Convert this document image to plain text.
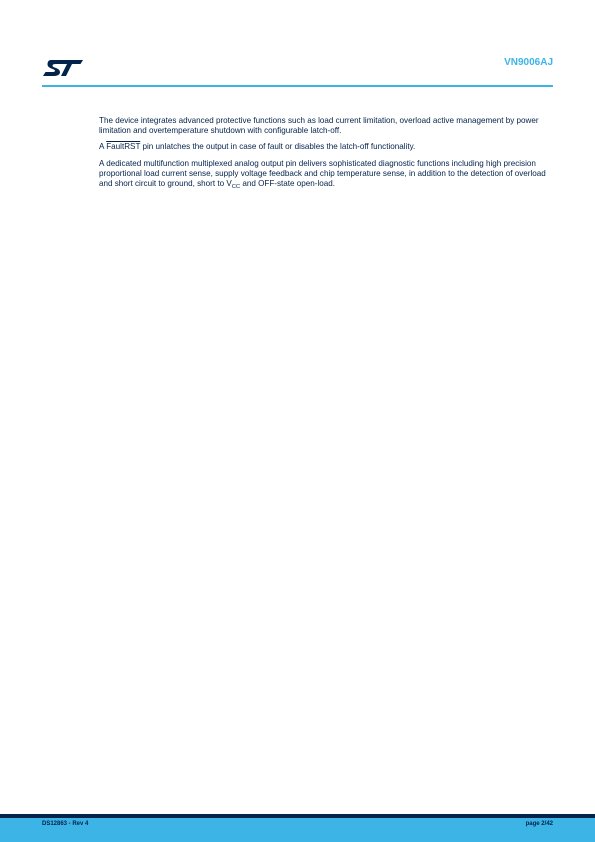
VN9006AJ

The device integrates advanced protective functions such as load current limitation, overload active management by power limitation and overtemperature shutdown with configurable latch-off.

A FaultRST pin unlatches the output in case of fault or disables the latch-off functionality.

A dedicated multifunction multiplexed analog output pin delivers sophisticated diagnostic functions including high precision proportional load current sense, supply voltage feedback and chip temperature sense, in addition to the detection of overload and short circuit to ground, short to $V_{CC}$ and OFF-state open-load.

DS12863 - Rev 4	page 2/42
